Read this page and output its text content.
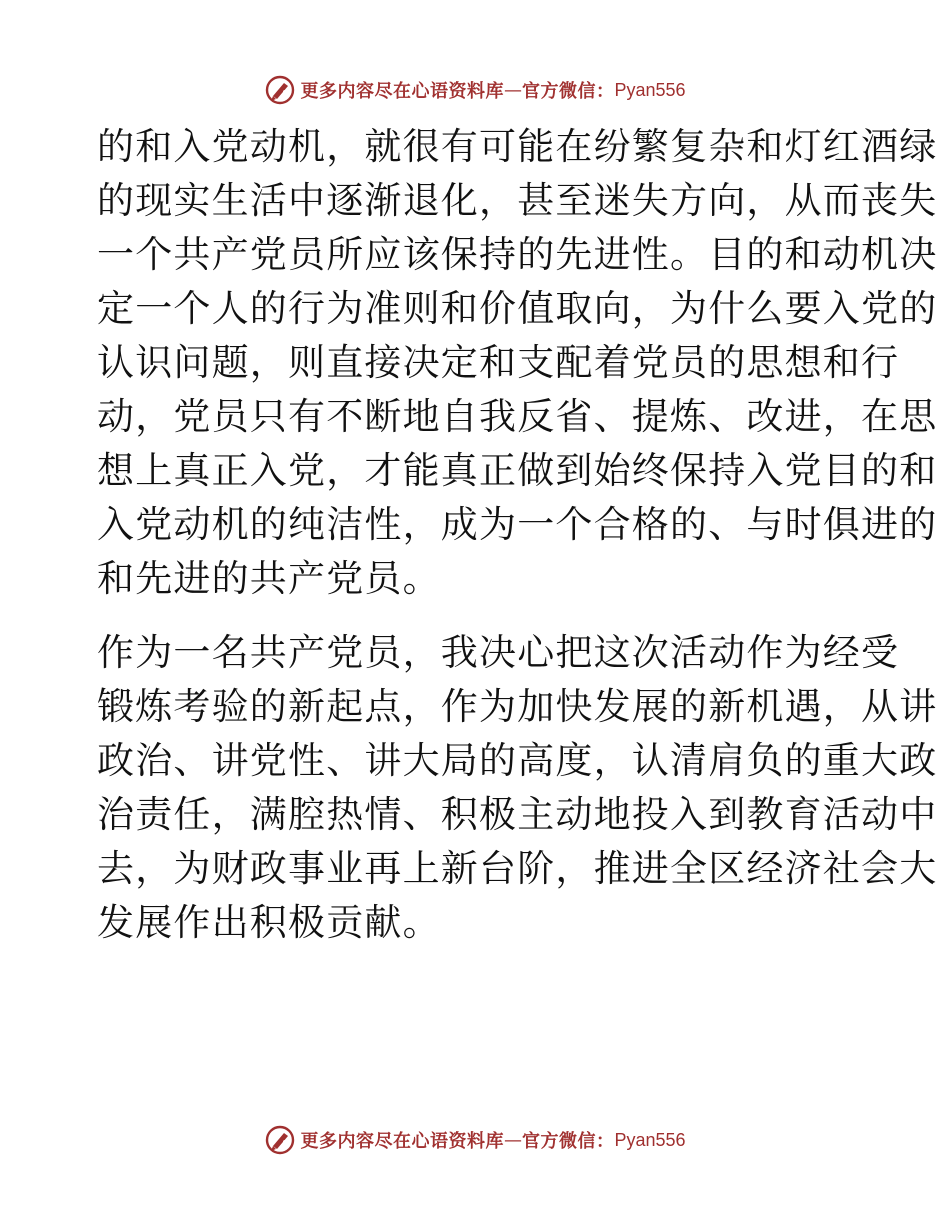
更多内容尽在心语资料库 — 官方微信： Pyan556

的和入党动机，就很有可能在纷繁复杂和灯红酒绿
的现实生活中逐渐退化，甚至迷失方向，从而丧失
一个共产党员所应该保持的先进性。目的和动机决
定一个人的行为准则和价值取向，为什么要入党的
认识问题，则直接决定和支配着党员的思想和行
动，党员只有不断地自我反省、提炼、改进，在思
想上真正入党，才能真正做到始终保持入党目的和
入党动机的纯洁性，成为一个合格的、与时俱进的
和先进的共产党员。

作为一名共产党员，我决心把这次活动作为经受
锻炼考验的新起点，作为加快发展的新机遇，从讲
政治、讲党性、讲大局的高度，认清肩负的重大政
治责任，满腔热情、积极主动地投入到教育活动中
去，为财政事业再上新台阶，推进全区经济社会大
发展作出积极贡献。

更多内容尽在心语资料库 — 官方微信： Pyan556
